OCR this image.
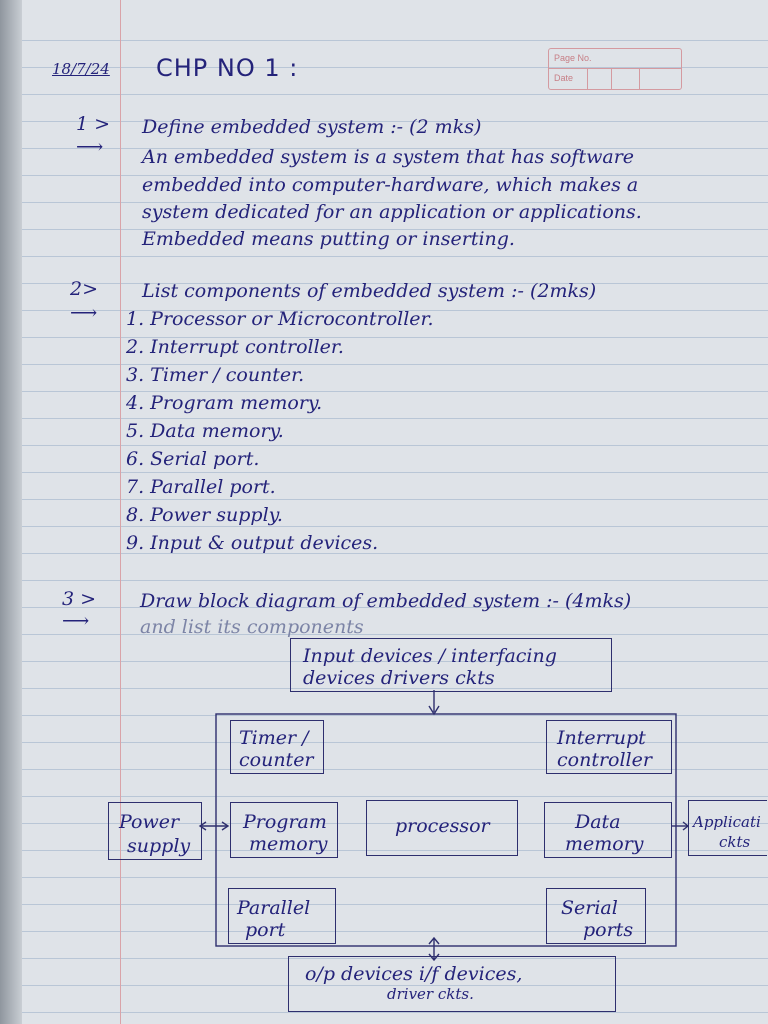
18/7/24 CHP NO 1 :	Page No.
Date
1 >
⟶
Define embedded system :- (2 mks)
An embedded system is a system that has software
embedded into computer-hardware, which makes a
system dedicated for an application or applications.
Embedded means putting or inserting.
2>
⟶
List components of embedded system :- (2mks)
1. Processor or Microcontroller.
2. Interrupt controller.
3. Timer / counter.
4. Program memory.
5. Data memory.
6. Serial port.
7. Parallel port.
8. Power supply.
9. Input & output devices.
3 >
⟶
Draw block diagram of embedded system :- (4mks)
and list its components
Input devices / interfacing
devices drivers ckts
Timer /
counter
Interrupt
controller
Power
supply
Program
memory
processor	Data
memory
Applicati
ckts
Parallel
port
Serial
ports
o/p devices i/f devices,
driver ckts.
